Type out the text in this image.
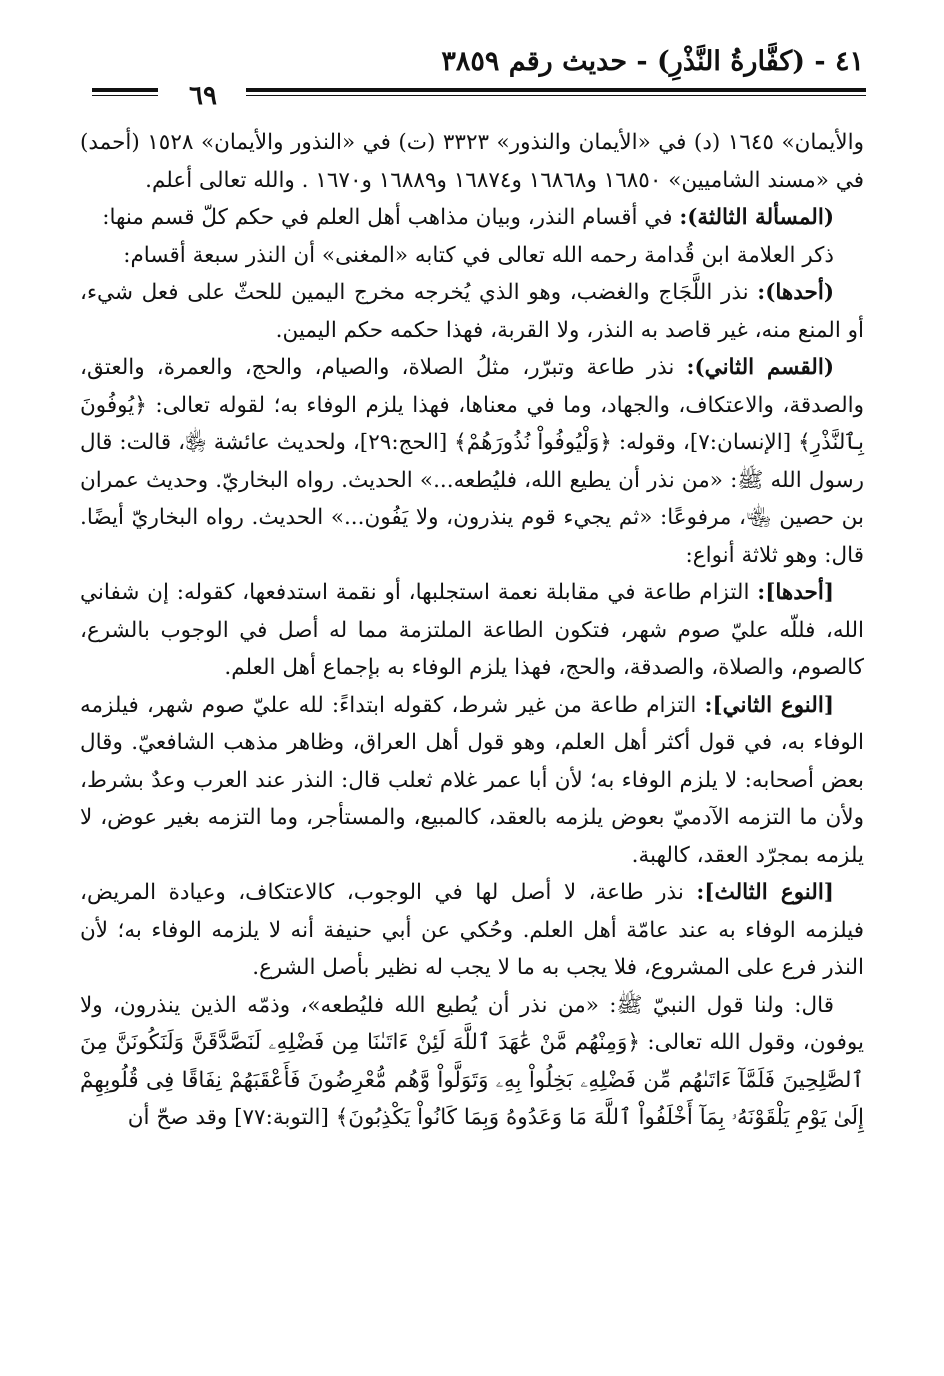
٤١ - (كفَّارةُ النَّذْرِ) - حديث رقم ٣٨٥٩
٦٩

والأيمان» ١٦٤٥ (د) في «الأيمان والنذور» ٣٣٢٣ (ت) في «النذور والأيمان» ١٥٢٨ (أحمد) في «مسند الشاميين» ١٦٨٥٠ و١٦٨٦٨ و١٦٨٧٤ و١٦٨٨٩ و١٦٧٠ . والله تعالى أعلم.

(المسألة الثالثة): في أقسام النذر، وبيان مذاهب أهل العلم في حكم كلّ قسم منها:

ذكر العلامة ابن قُدامة رحمه الله تعالى في كتابه «المغنى» أن النذر سبعة أقسام:

(أحدها): نذر اللَّجَاج والغضب، وهو الذي يُخرجه مخرج اليمين للحثّ على فعل شيء، أو المنع منه، غير قاصد به النذر، ولا القربة، فهذا حكمه حكم اليمين.

(القسم الثاني): نذر طاعة وتبرّر، مثلُ الصلاة، والصيام، والحج، والعمرة، والعتق، والصدقة، والاعتكاف، والجهاد، وما في معناها، فهذا يلزم الوفاء به؛ لقوله تعالى: ﴿يُوفُونَ بِٱلنَّذْرِ﴾ [الإنسان:٧]، وقوله: ﴿وَلْيُوفُواْ نُذُورَهُمْ﴾ [الحج:٢٩]، ولحديث عائشة ﵂، قالت: قال رسول الله ﷺ: «من نذر أن يطيع الله، فليُطعه...» الحديث. رواه البخاريّ. وحديث عمران بن حصين ﵄، مرفوعًا: «ثم يجيء قوم ينذرون، ولا يَفُون...» الحديث. رواه البخاريّ أيضًا. قال: وهو ثلاثة أنواع:

[أحدها]: التزام طاعة في مقابلة نعمة استجلبها، أو نقمة استدفعها، كقوله: إن شفاني الله، فللّه عليّ صوم شهر، فتكون الطاعة الملتزمة مما له أصل في الوجوب بالشرع، كالصوم، والصلاة، والصدقة، والحج، فهذا يلزم الوفاء به بإجماع أهل العلم.

[النوع الثاني]: التزام طاعة من غير شرط، كقوله ابتداءً: لله عليّ صوم شهر، فيلزمه الوفاء به، في قول أكثر أهل العلم، وهو قول أهل العراق، وظاهر مذهب الشافعيّ. وقال بعض أصحابه: لا يلزم الوفاء به؛ لأن أبا عمر غلام ثعلب قال: النذر عند العرب وعدٌ بشرط، ولأن ما التزمه الآدميّ بعوض يلزمه بالعقد، كالمبيع، والمستأجر، وما التزمه بغير عوض، لا يلزمه بمجرّد العقد، كالهبة.

[النوع الثالث]: نذر طاعة، لا أصل لها في الوجوب، كالاعتكاف، وعيادة المريض، فيلزمه الوفاء به عند عامّة أهل العلم. وحُكي عن أبي حنيفة أنه لا يلزمه الوفاء به؛ لأن النذر فرع على المشروع، فلا يجب به ما لا يجب له نظير بأصل الشرع.

قال: ولنا قول النبيّ ﷺ: «من نذر أن يُطيع الله فليُطعه»، وذمّه الذين ينذرون، ولا يوفون، وقول الله تعالى: ﴿وَمِنْهُم مَّنْ عَٰهَدَ ٱللَّهَ لَئِنْ ءَاتَىٰنَا مِن فَضْلِهِۦ لَنَصَّدَّقَنَّ وَلَنَكُونَنَّ مِنَ ٱلصَّٰلِحِينَ فَلَمَّآ ءَاتَىٰهُم مِّن فَضْلِهِۦ بَخِلُواْ بِهِۦ وَتَوَلَّواْ وَّهُم مُّعْرِضُونَ فَأَعْقَبَهُمْ نِفَاقًا فِى قُلُوبِهِمْ إِلَىٰ يَوْمِ يَلْقَوْنَهُۥ بِمَآ أَخْلَفُواْ ٱللَّهَ مَا وَعَدُوهُ وَبِمَا كَانُواْ يَكْذِبُونَ﴾ [التوبة:٧٧] وقد صحّ أن
